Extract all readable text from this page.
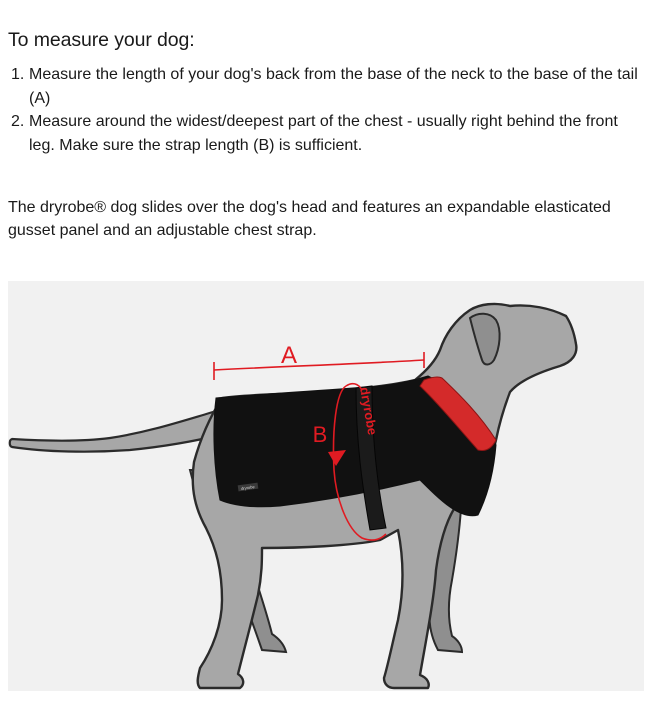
To measure your dog:
1. Measure the length of your dog's back from the base of the neck to the base of the tail (A)
2. Measure around the widest/deepest part of the chest - usually right behind the front leg. Make sure the strap length (B) is sufficient.

The dryrobe® dog slides over the dog's head and features an expandable elasticated gusset panel and an adjustable chest strap.

dryrobe
dryrobe
A
B
